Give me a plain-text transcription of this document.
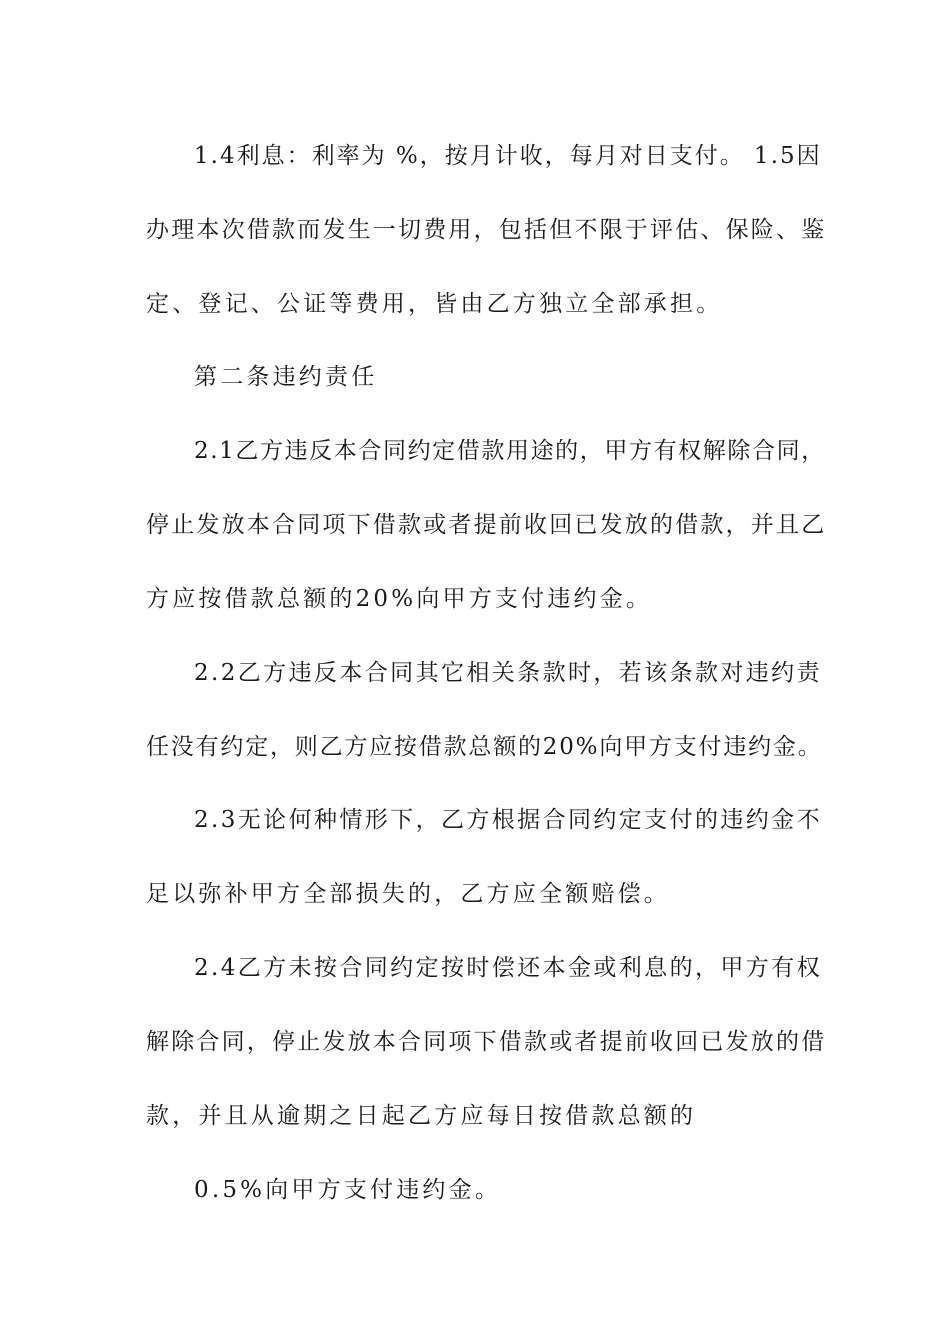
1.4利息：利率为 %，按月计收，每月对日支付。 1.5因
办理本次借款而发生一切费用，包括但不限于评估、保险、鉴
定、登记、公证等费用，皆由乙方独立全部承担。
第二条违约责任
2.1乙方违反本合同约定借款用途的，甲方有权解除合同，
停止发放本合同项下借款或者提前收回已发放的借款，并且乙
方应按借款总额的20%向甲方支付违约金。
2.2乙方违反本合同其它相关条款时，若该条款对违约责
任没有约定，则乙方应按借款总额的20%向甲方支付违约金。
2.3无论何种情形下，乙方根据合同约定支付的违约金不
足以弥补甲方全部损失的，乙方应全额赔偿。
2.4乙方未按合同约定按时偿还本金或利息的，甲方有权
解除合同，停止发放本合同项下借款或者提前收回已发放的借
款，并且从逾期之日起乙方应每日按借款总额的
0.5%向甲方支付违约金。
